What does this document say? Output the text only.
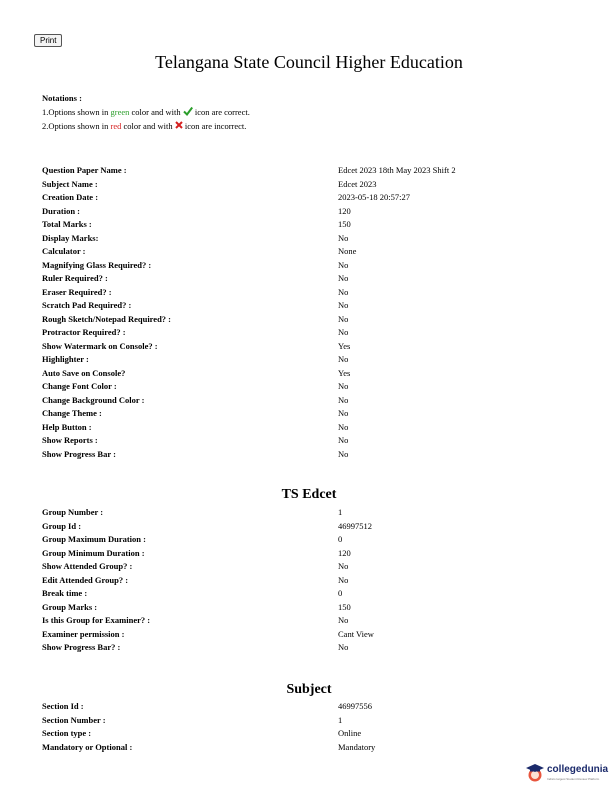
Print
Telangana State Council Higher Education
Notations :
1.Options shown in green color and with  icon are correct.
2.Options shown in red color and with  icon are incorrect.
Question Paper Name :	Edcet 2023 18th May 2023 Shift 2
Subject Name :	Edcet 2023
Creation Date :	2023-05-18 20:57:27
Duration :	120
Total Marks :	150
Display Marks:	No
Calculator :	None
Magnifying Glass Required? :	No
Ruler Required? :	No
Eraser Required? :	No
Scratch Pad Required? :	No
Rough Sketch/Notepad Required? :	No
Protractor Required? :	No
Show Watermark on Console? :	Yes
Highlighter :	No
Auto Save on Console?	Yes
Change Font Color :	No
Change Background Color :	No
Change Theme :	No
Help Button :	No
Show Reports :	No
Show Progress Bar :	No
TS Edcet
Group Number :	1
Group Id :	46997512
Group Maximum Duration :	0
Group Minimum Duration :	120
Show Attended Group? :	No
Edit Attended Group? :	No
Break time :	0
Group Marks :	150
Is this Group for Examiner? :	No
Examiner permission :	Cant View
Show Progress Bar? :	No
Subject
Section Id :	46997556
Section Number :	1
Section type :	Online
Mandatory or Optional :	Mandatory
collegedunia
India's largest Student Review Platform
